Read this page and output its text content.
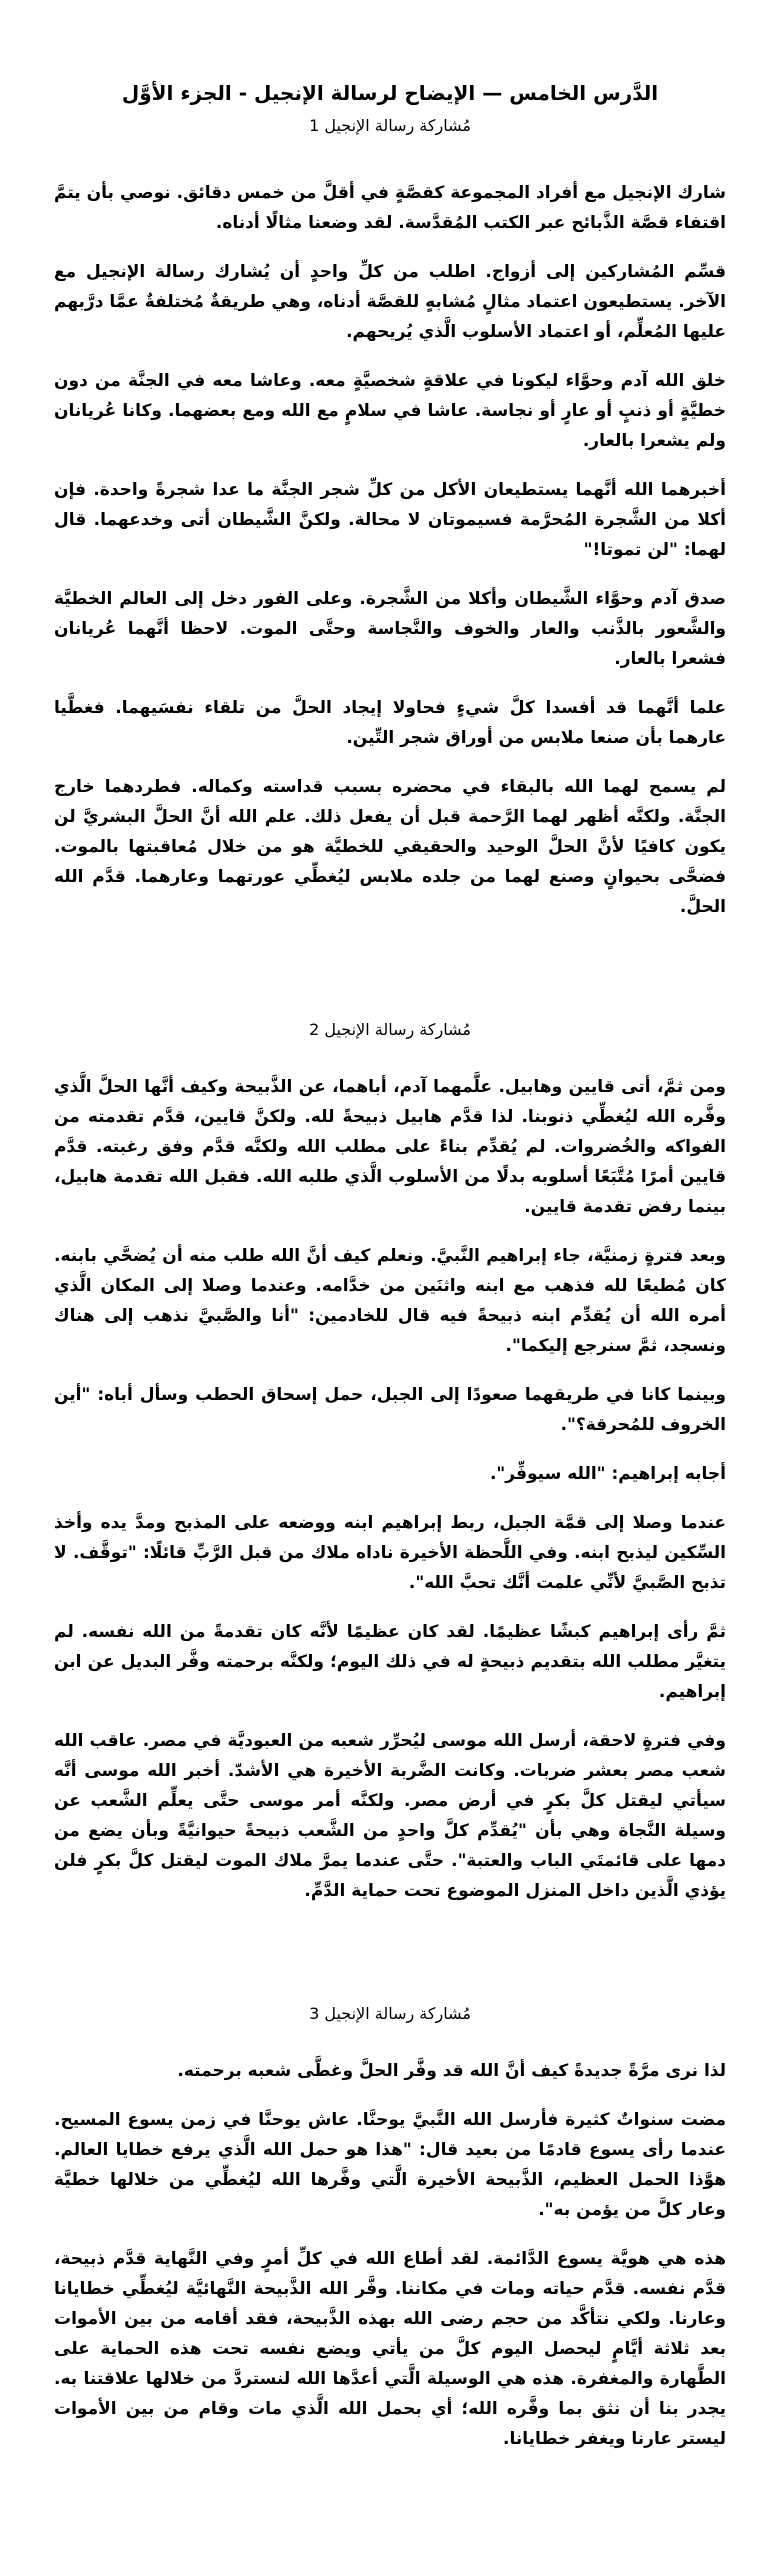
الدَّرس الخامس — الإيضاح لرسالة الإنجيل - الجزء الأوَّل
مُشاركة رسالة الإنجيل 1

شارك الإنجيل مع أفراد المجموعة كقصَّةٍ في أقلَّ من خمس دقائق. نوصي بأن يتمَّ اقتفاء قصَّة الذَّبائح عبر الكتب المُقدَّسة. لقد وضعنا مثالًا أدناه.

قسِّم المُشاركين إلى أزواج. اطلب من كلِّ واحدٍ أن يُشارك رسالة الإنجيل مع الآخر. يستطيعون اعتماد مثالٍ مُشابهٍ للقصَّة أدناه، وهي طريقةٌ مُختلفةٌ عمَّا درَّبهم عليها المُعلِّم، أو اعتماد الأسلوب الَّذي يُريحهم.

خلق الله آدم وحوَّاء ليكونا في علاقةٍ شخصيَّةٍ معه. وعاشا معه في الجنَّة من دون خطيَّةٍ أو ذنبٍ أو عارٍ أو نجاسة. عاشا في سلامٍ مع الله ومع بعضهما. وكانا عُريانان ولم يشعرا بالعار.

أخبرهما الله أنَّهما يستطيعان الأكل من كلِّ شجر الجنَّة ما عدا شجرةً واحدة. فإن أكلا من الشَّجرة المُحرَّمة فسيموتان لا محالة. ولكنَّ الشَّيطان أتى وخدعهما. قال لهما: "لن تموتا!"

صدق آدم وحوَّاء الشَّيطان وأكلا من الشَّجرة. وعلى الفور دخل إلى العالم الخطيَّة والشَّعور بالذَّنب والعار والخوف والنَّجاسة وحتَّى الموت. لاحظا أنَّهما عُريانان فشعرا بالعار.

علما أنَّهما قد أفسدا كلَّ شيءٍ فحاولا إيجاد الحلَّ من تلقاء نفسَيهما. فغطَّيا عارهما بأن صنعا ملابس من أوراق شجر التِّين.

لم يسمح لهما الله بالبقاء في محضره بسبب قداسته وكماله. فطردهما خارج الجنَّة. ولكنَّه أظهر لهما الرَّحمة قبل أن يفعل ذلك. علم الله أنَّ الحلَّ البشريَّ لن يكون كافيًا لأنَّ الحلَّ الوحيد والحقيقي للخطيَّة هو من خلال مُعاقبتها بالموت. فضحَّى بحيوانٍ وصنع لهما من جلده ملابس ليُغطِّي عورتهما وعارهما. قدَّم الله الحلَّ.

مُشاركة رسالة الإنجيل 2

ومن ثمَّ، أتى قايين وهابيل. علَّمهما آدم، أباهما، عن الذَّبيحة وكيف أنَّها الحلَّ الَّذي وفَّره الله ليُغطِّي ذنوبنا. لذا قدَّم هابيل ذبيحةً لله. ولكنَّ قايين، قدَّم تقدمته من الفواكه والخُضروات. لم يُقدِّم بناءً على مطلب الله ولكنَّه قدَّم وفق رغبته. قدَّم قايين أمرًا مُتَّبَعًا أسلوبه بدلًا من الأسلوب الَّذي طلبه الله. فقبل الله تقدمة هابيل، بينما رفض تقدمة قايين.

وبعد فترةٍ زمنيَّة، جاء إبراهيم النَّبيَّ. ونعلم كيف أنَّ الله طلب منه أن يُضحَّي بابنه. كان مُطيعًا لله فذهب مع ابنه واثنَين من خدَّامه. وعندما وصلا إلى المكان الَّذي أمره الله أن يُقدِّم ابنه ذبيحةً فيه قال للخادمين: "أنا والصَّبيَّ نذهب إلى هناك ونسجد، ثمَّ سنرجع إليكما".

وبينما كانا في طريقهما صعودًا إلى الجبل، حمل إسحاق الحطب وسأل أباه: "أين الخروف للمُحرقة؟".

أجابه إبراهيم: "الله سيوفِّر".

عندما وصلا إلى قمَّة الجبل، ربط إبراهيم ابنه ووضعه على المذبح ومدَّ يده وأخذ السِّكين ليذبح ابنه. وفي اللَّحظة الأخيرة ناداه ملاك من قبل الرَّبِّ قائلًا: "توقَّف. لا تذبح الصَّبيَّ لأنِّي علمت أنَّك تحبَّ الله".

ثمَّ رأى إبراهيم كبشًا عظيمًا. لقد كان عظيمًا لأنَّه كان تقدمةً من الله نفسه. لم يتغيَّر مطلب الله بتقديم ذبيحةٍ له في ذلك اليوم؛ ولكنَّه برحمته وفَّر البديل عن ابن إبراهيم.

وفي فترةٍ لاحقة، أرسل الله موسى ليُحرِّر شعبه من العبوديَّة في مصر. عاقب الله شعب مصر بعشر ضربات. وكانت الضَّربة الأخيرة هي الأشدّ. أخبر الله موسى أنَّه سيأتي ليقتل كلَّ بكرٍ في أرض مصر. ولكنَّه أمر موسى حتَّى يعلِّم الشَّعب عن وسيلة النَّجاة وهي بأن "يُقدِّم كلَّ واحدٍ من الشَّعب ذبيحةً حيوانيَّةً وبأن يضع من دمها على قائمتَي الباب والعتبة". حتَّى عندما يمرَّ ملاك الموت ليقتل كلَّ بكرٍ فلن يؤذي الَّذين داخل المنزل الموضوع تحت حماية الدَّمِّ.

مُشاركة رسالة الإنجيل 3

لذا نرى مرَّةً جديدةً كيف أنَّ الله قد وفَّر الحلَّ وغطَّى شعبه برحمته.

مضت سنواتٌ كثيرة فأرسل الله النَّبيَّ يوحنَّا. عاش يوحنَّا في زمن يسوع المسيح. عندما رأى يسوع قادمًا من بعيد قال: "هذا هو حمل الله الَّذي يرفع خطايا العالم. هوَّذا الحمل العظيم، الذَّبيحة الأخيرة الَّتي وفَّرها الله ليُغطِّي من خلالها خطيَّة وعار كلَّ من يؤمن به".

هذه هي هويَّة يسوع الدَّائمة. لقد أطاع الله في كلِّ أمرٍ وفي النَّهاية قدَّم ذبيحة، قدَّم نفسه. قدَّم حياته ومات في مكاننا. وفَّر الله الذَّبيحة النَّهائيَّة ليُغطِّي خطايانا وعارنا. ولكي نتأكَّد من حجم رضى الله بهذه الذَّبيحة، فقد أقامه من بين الأموات بعد ثلاثة أيَّامٍ ليحصل اليوم كلَّ من يأتي ويضع نفسه تحت هذه الحماية على الطَّهارة والمغفرة. هذه هي الوسيلة الَّتي أعدَّها الله لنستردَّ من خلالها علاقتنا به. يجدر بنا أن نثق بما وفَّره الله؛ أي بحمل الله الَّذي مات وقام من بين الأموات ليستر عارنا ويغفر خطايانا.
